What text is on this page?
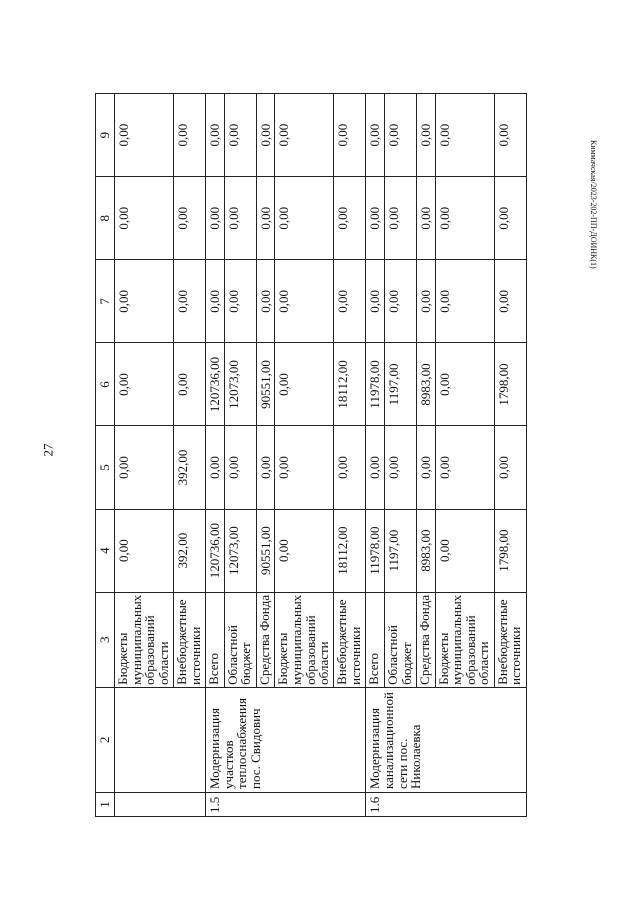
27
Киммачская/2023-202-ПП-ДОИНК(1)
1	2	3	4	5	6	7	8	9
		Бюджеты муниципальных образований области	0,00	0,00	0,00	0,00	0,00	0,00
		Внебюджетные источники	392,00	392,00	0,00	0,00	0,00	0,00
1.5	Модернизация участков теплоснабжения пос. Свидович	Всего	120736,00	0,00	120736,00	0,00	0,00	0,00
		Областной бюджет	12073,00	0,00	12073,00	0,00	0,00	0,00
		Средства Фонда	90551,00	0,00	90551,00	0,00	0,00	0,00
		Бюджеты муниципальных образований области	0,00	0,00	0,00	0,00	0,00	0,00
		Внебюджетные источники	18112,00	0,00	18112,00	0,00	0,00	0,00
1.6	Модернизация канализационной сети пос. Николаевка	Всего	11978,00	0,00	11978,00	0,00	0,00	0,00
		Областной бюджет	1197,00	0,00	1197,00	0,00	0,00	0,00
		Средства Фонда	8983,00	0,00	8983,00	0,00	0,00	0,00
		Бюджеты муниципальных образований области	0,00	0,00	0,00	0,00	0,00	0,00
		Внебюджетные источники	1798,00	0,00	1798,00	0,00	0,00	0,00
